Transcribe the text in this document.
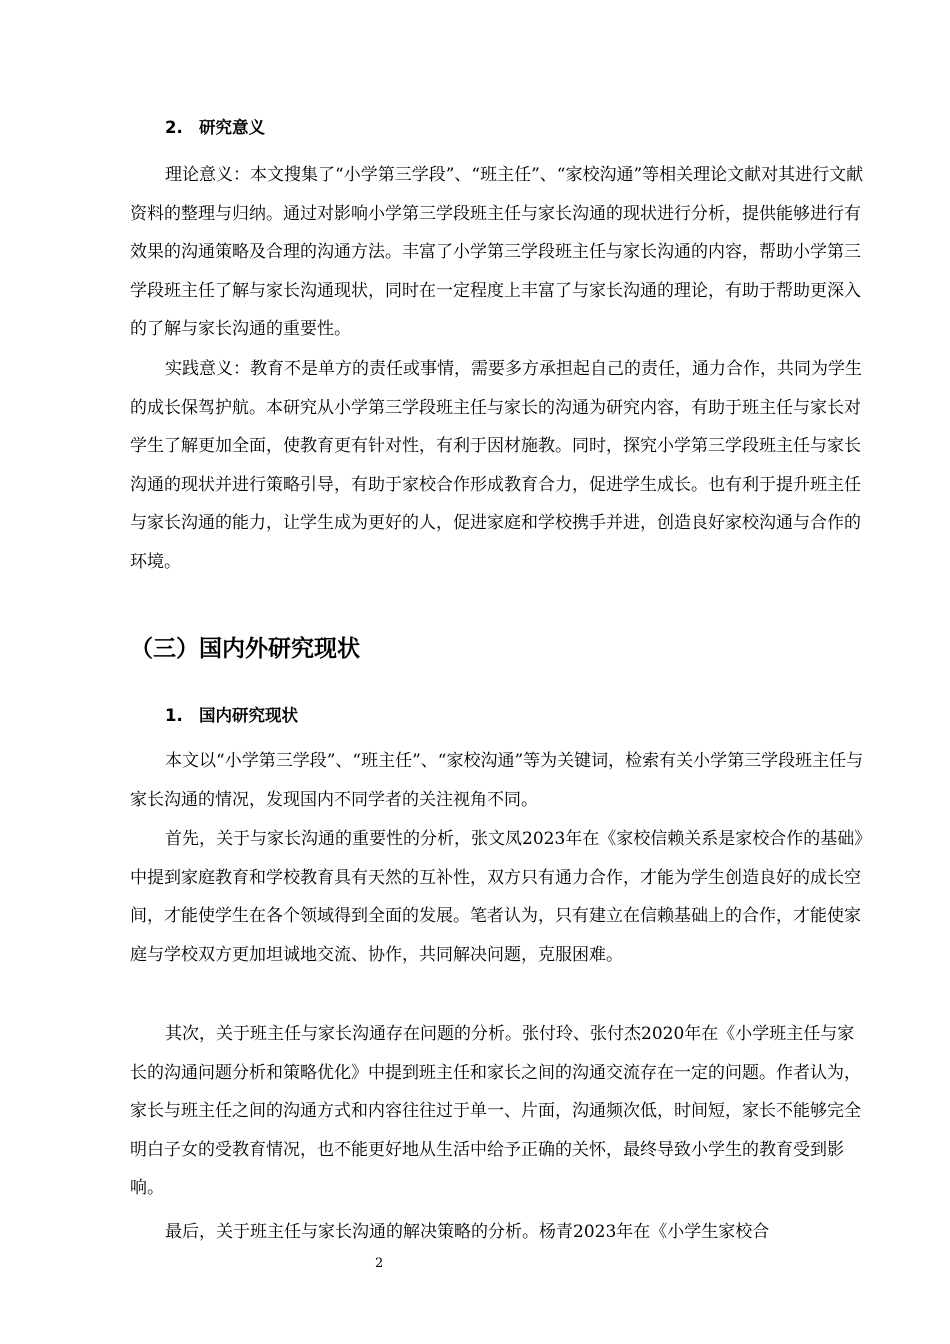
2. 研究意义

理论意义：本文搜集了“小学第三学段”、“班主任”、“家校沟通”等相关理论文献对其进行文献资料的整理与归纳。通过对影响小学第三学段班主任与家长沟通的现状进行分析，提供能够进行有效果的沟通策略及合理的沟通方法。丰富了小学第三学段班主任与家长沟通的内容，帮助小学第三学段班主任了解与家长沟通现状，同时在一定程度上丰富了与家长沟通的理论，有助于帮助更深入的了解与家长沟通的重要性。

实践意义：教育不是单方的责任或事情，需要多方承担起自己的责任，通力合作，共同为学生的成长保驾护航。本研究从小学第三学段班主任与家长的沟通为研究内容，有助于班主任与家长对学生了解更加全面，使教育更有针对性，有利于因材施教。同时，探究小学第三学段班主任与家长沟通的现状并进行策略引导，有助于家校合作形成教育合力，促进学生成长。也有利于提升班主任与家长沟通的能力，让学生成为更好的人，促进家庭和学校携手并进，创造良好家校沟通与合作的环境。

（三）国内外研究现状
1. 国内研究现状

本文以“小学第三学段”、“班主任”、“家校沟通”等为关键词，检索有关小学第三学段班主任与家长沟通的情况，发现国内不同学者的关注视角不同。

首先，关于与家长沟通的重要性的分析，张文凤2023年在《家校信赖关系是家校合作的基础》中提到家庭教育和学校教育具有天然的互补性，双方只有通力合作，才能为学生创造良好的成长空间，才能使学生在各个领域得到全面的发展。笔者认为，只有建立在信赖基础上的合作，才能使家庭与学校双方更加坦诚地交流、协作，共同解决问题，克服困难。

其次，关于班主任与家长沟通存在问题的分析。张付玲、张付杰2020年在《小学班主任与家长的沟通问题分析和策略优化》中提到班主任和家长之间的沟通交流存在一定的问题。作者认为，家长与班主任之间的沟通方式和内容往往过于单一、片面，沟通频次低，时间短，家长不能够完全明白子女的受教育情况，也不能更好地从生活中给予正确的关怀，最终导致小学生的教育受到影响。

最后，关于班主任与家长沟通的解决策略的分析。杨青2023年在《小学生家校合

2
